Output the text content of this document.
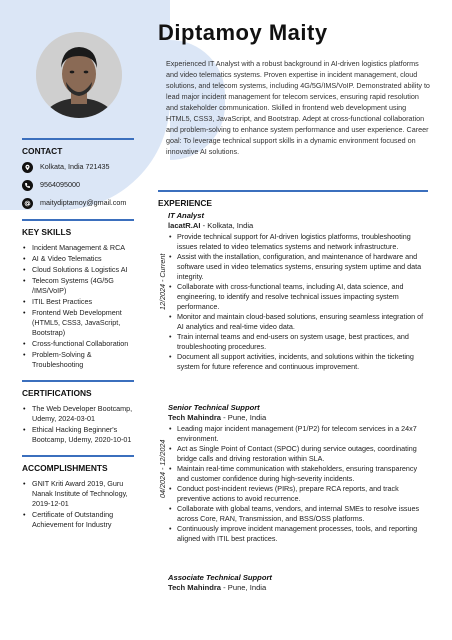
Diptamoy Maity

Experienced IT Analyst with a robust background in AI-driven logistics platforms and video telematics systems. Proven expertise in incident management, cloud solutions, and telecom systems, including 4G/5G/IMS/VoIP. Demonstrated ability to lead major incident management for telecom services, ensuring rapid resolution and stakeholder communication. Skilled in frontend web development using HTML5, CSS3, JavaScript, and Bootstrap. Adept at cross-functional collaboration and problem-solving to enhance system performance and user experience. Career goal: To leverage technical support skills in a dynamic environment focused on innovative AI solutions.

CONTACT
Kolkata, India 721435
9564095000
maitydiptamoy@gmail.com
KEY SKILLS
• Incident Management & RCA
• AI & Video Telematics
• Cloud Solutions & Logistics AI
• Telecom Systems (4G/5G /IMS/VoIP)
• ITIL Best Practices
• Frontend Web Development (HTML5, CSS3, JavaScript, Bootstrap)
• Cross-functional Collaboration
• Problem-Solving & Troubleshooting
CERTIFICATIONS
• The Web Developer Bootcamp, Udemy, 2024-03-01
• Ethical Hacking Beginner's Bootcamp, Udemy, 2020-10-01
ACCOMPLISHMENTS
• GNIT Kriti Award 2019, Guru Nanak Institute of Technology, 2019-12-01
• Certificate of Outstanding Achievement for Industry
EXPERIENCE
12/2024 - Current

IT Analyst

lacatR.AI - Kolkata, India

• Provide technical support for AI-driven logistics platforms, troubleshooting issues related to video telematics systems and network infrastructure.
• Assist with the installation, configuration, and maintenance of hardware and software used in video telematics systems, ensuring system uptime and data integrity.
• Collaborate with cross-functional teams, including AI, data science, and engineering, to identify and resolve technical issues impacting system performance.
• Monitor and maintain cloud-based solutions, ensuring seamless integration of AI analytics and real-time video data.
• Train internal teams and end-users on system usage, best practices, and troubleshooting procedures.
• Document all support activities, incidents, and solutions within the ticketing system for future reference and continuous improvement.
04/2024 - 12/2024

Senior Technical Support

Tech Mahindra - Pune, India

• Leading major incident management (P1/P2) for telecom services in a 24x7 environment.
• Act as Single Point of Contact (SPOC) during service outages, coordinating bridge calls and driving restoration within SLA.
• Maintain real-time communication with stakeholders, ensuring transparency and customer confidence during high-severity incidents.
• Conduct post-incident reviews (PIRs), prepare RCA reports, and track preventive actions to avoid recurrence.
• Collaborate with global teams, vendors, and internal SMEs to resolve issues across Core, RAN, Transmission, and BSS/OSS platforms.
• Continuously improve incident management processes, tools, and reporting aligned with ITIL best practices.

Associate Technical Support

Tech Mahindra - Pune, India
